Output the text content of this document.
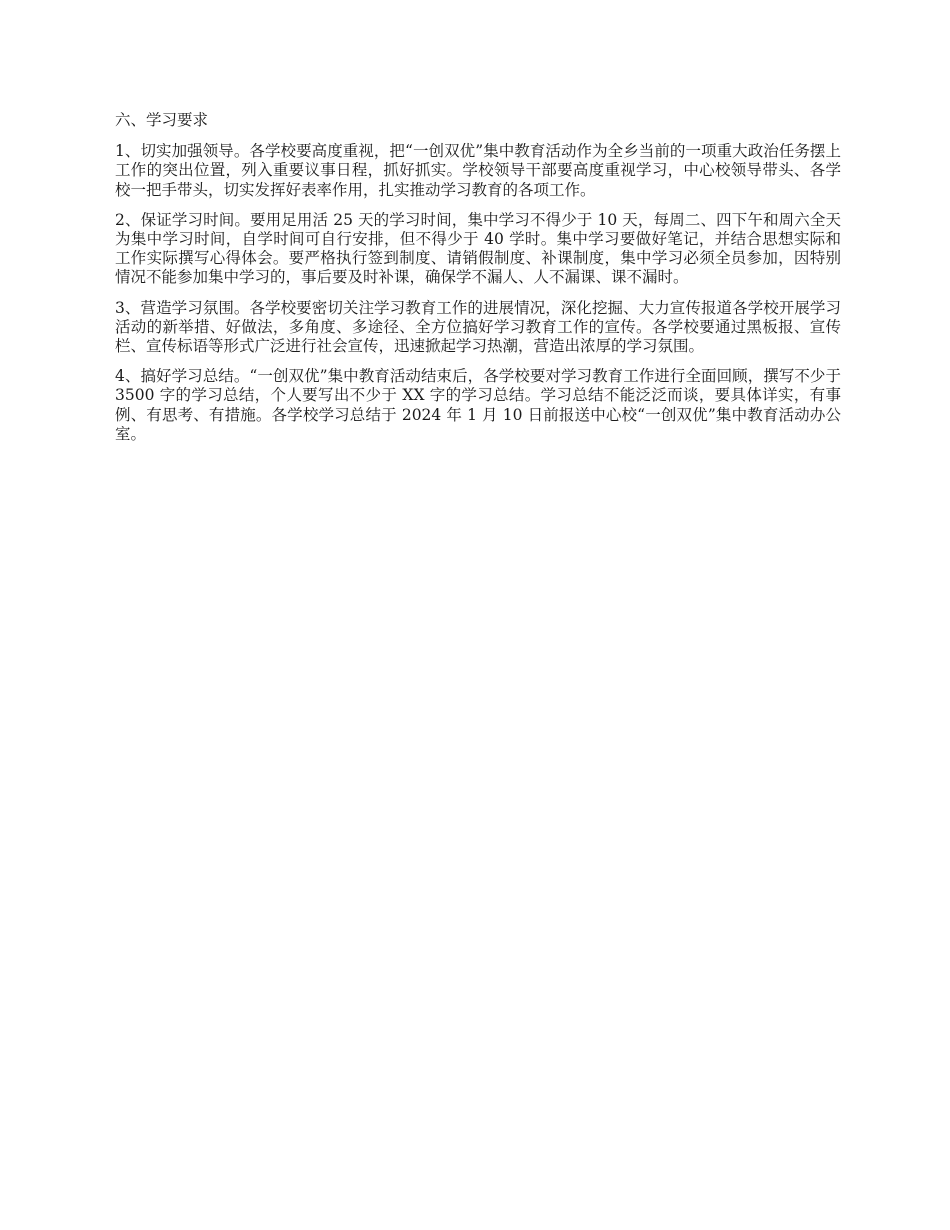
六、学习要求

1、切实加强领导。各学校要高度重视，把“一创双优”集中教育活动作为全乡当前的一项重大政治任务摆上工作的突出位置，列入重要议事日程，抓好抓实。学校领导干部要高度重视学习，中心校领导带头、各学校一把手带头，切实发挥好表率作用，扎实推动学习教育的各项工作。

2、保证学习时间。要用足用活 25 天的学习时间，集中学习不得少于 10 天，每周二、四下午和周六全天为集中学习时间，自学时间可自行安排，但不得少于 40 学时。集中学习要做好笔记，并结合思想实际和工作实际撰写心得体会。要严格执行签到制度、请销假制度、补课制度，集中学习必须全员参加，因特别情况不能参加集中学习的，事后要及时补课，确保学不漏人、人不漏课、课不漏时。

3、营造学习氛围。各学校要密切关注学习教育工作的进展情况，深化挖掘、大力宣传报道各学校开展学习活动的新举措、好做法，多角度、多途径、全方位搞好学习教育工作的宣传。各学校要通过黑板报、宣传栏、宣传标语等形式广泛进行社会宣传，迅速掀起学习热潮，营造出浓厚的学习氛围。

4、搞好学习总结。“一创双优”集中教育活动结束后，各学校要对学习教育工作进行全面回顾，撰写不少于 3500 字的学习总结，个人要写出不少于 XX 字的学习总结。学习总结不能泛泛而谈，要具体详实，有事例、有思考、有措施。各学校学习总结于 2024 年 1 月 10 日前报送中心校“一创双优”集中教育活动办公室。
